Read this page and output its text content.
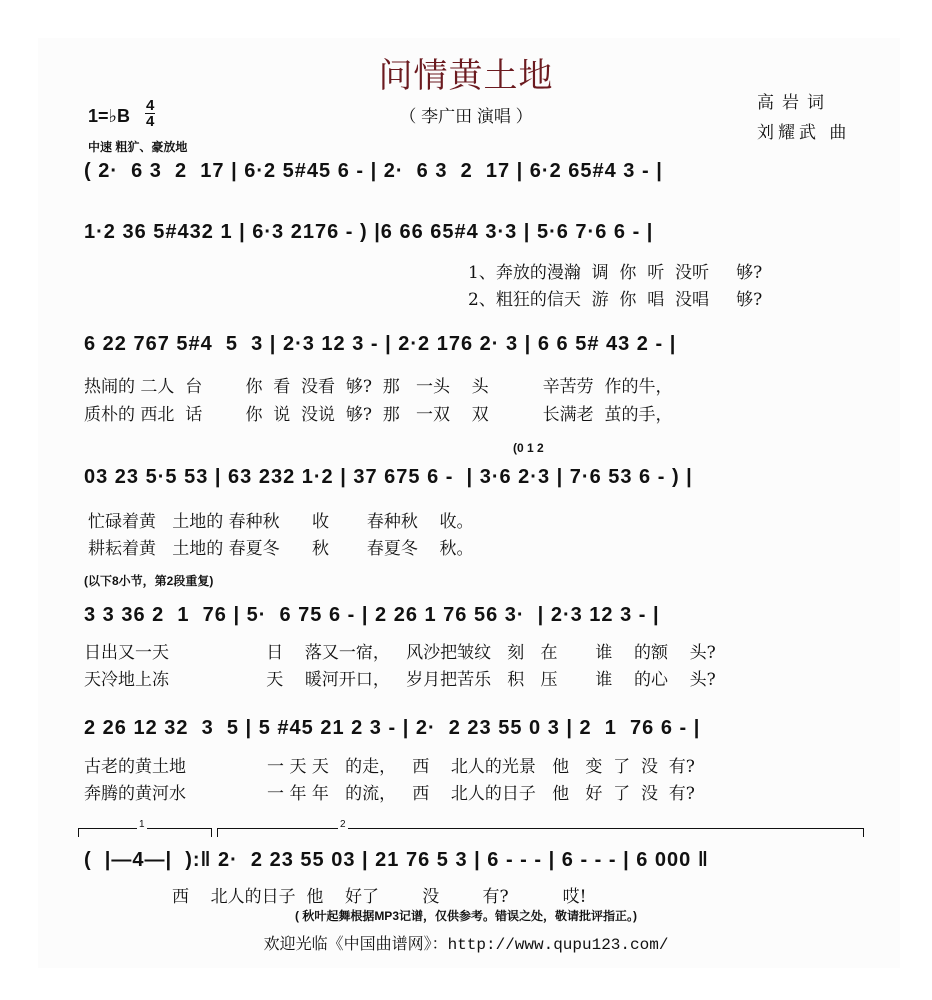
问情黄土地
（ 李广田 演唱 ）
高岩词
刘耀武 曲
1=♭B
4
4
中速 粗犷、豪放地
( 2·  6 3  2  17 | 6·2 5#45 6 - | 2·  6 3  2  17 | 6·2 65#4 3 - |
1·2 36 5#432 1 | 6·3 2176 - ) |6 66 65#4 3·3 | 5·6 7·6 6 - |
1、奔放的漫瀚  调  你  听  没听     够?
2、粗狂的信天  游  你  唱  没唱     够?
6 22 767 5#4  5  3 | 2·3 12 3 - | 2·2 176 2· 3 | 6 6 5# 43 2 - |
热闹的 二人  台        你  看  没看  够?  那   一头    头          辛苦劳  作的牛，
质朴的 西北  话        你  说  没说  够?  那   一双    双          长满老  茧的手，
(0 1 2
03 23 5·5 53 | 63 232 1·2 | 37 675 6 -  | 3·6 2·3 | 7·6 53 6 - ) |
忙碌着黄   土地的 春种秋      收       春种秋    收。
耕耘着黄   土地的 春夏冬      秋       春夏冬    秋。
(以下8小节，第2段重复)
3 3 36 2  1  76 | 5·  6 75 6 - | 2 26 1 76 56 3·  | 2·3 12 3 - |
日出又一天                  日    落又一宿，   风沙把皱纹   刻   在       谁    的额    头?
天冷地上冻                  天    暖河开口，   岁月把苦乐   积   压       谁    的心    头?
2 26 12 32  3  5 | 5 #45 21 2 3 - | 2·  2 23 55 0 3 | 2  1  76 6 - |
古老的黄土地               一 天 天   的走，   西    北人的光景   他   变  了  没  有?
奔腾的黄河水               一 年 年   的流，   西    北人的日子   他   好  了  没  有?
1	2
(  |—4—|  ):‖ 2·  2 23 55 03 | 21 76 5 3 | 6 - - - | 6 - - - | 6 000 ‖
西    北人的日子  他    好了        没        有?          哎!
( 秋叶起舞根据MP3记谱，仅供参考。错误之处，敬请批评指正。)
欢迎光临《中国曲谱网》：http://www.qupu123.com/
